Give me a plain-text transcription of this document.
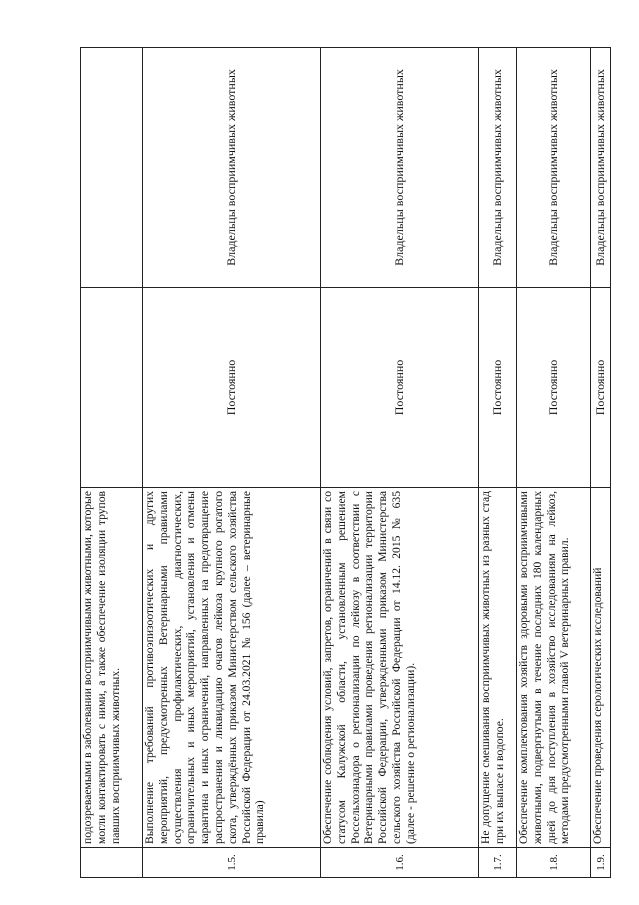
	подозреваемыми в заболевании восприимчивыми животными, которые могли контактировать с ними, а также обеспечение изоляции трупов павших восприимчивых животных.		
1.5.	Выполнение требований противоэпизоотических и других мероприятий, предусмотренных Ветеринарными правилами осуществления профилактических, диагностических, ограничительных и иных мероприятий, установления и отмены карантина и иных ограничений, направленных на предотвращение распространения и ликвидацию очагов лейкоза крупного рогатого скота, утверждённых приказом Министерством сельского хозяйства Российской Федерации от 24.03.2021 № 156 (далее – ветеринарные правила)	Постоянно	Владельцы восприимчивых животных
1.6.	Обеспечение соблюдения условий, запретов, ограничений в связи со статусом Калужской области, установленным решением Россельхознадора о регионализации по лейкозу в соответствии с Ветеринарными правилами проведения регионализации территории Российской Федерации, утвержденными приказом Министерства сельского хозяйства Российской Федерации от 14.12. 2015 № 635 (далее - решение о регионализации).	Постоянно	Владельцы восприимчивых животных
1.7.	Не допущение смешивания восприимчивых животных из разных стад при их выпасе и водопое.	Постоянно	Владельцы восприимчивых животных
1.8.	Обеспечение комплектования хозяйств здоровыми восприимчивыми животными, подвергнутыми в течение последних 180 календарных дней до дня поступления в хозяйство исследованиям на лейкоз, методами предусмотренными главой V ветеринарных правил.	Постоянно	Владельцы восприимчивых животных
1.9.	Обеспечение проведения серологических исследований	Постоянно	Владельцы восприимчивых животных
